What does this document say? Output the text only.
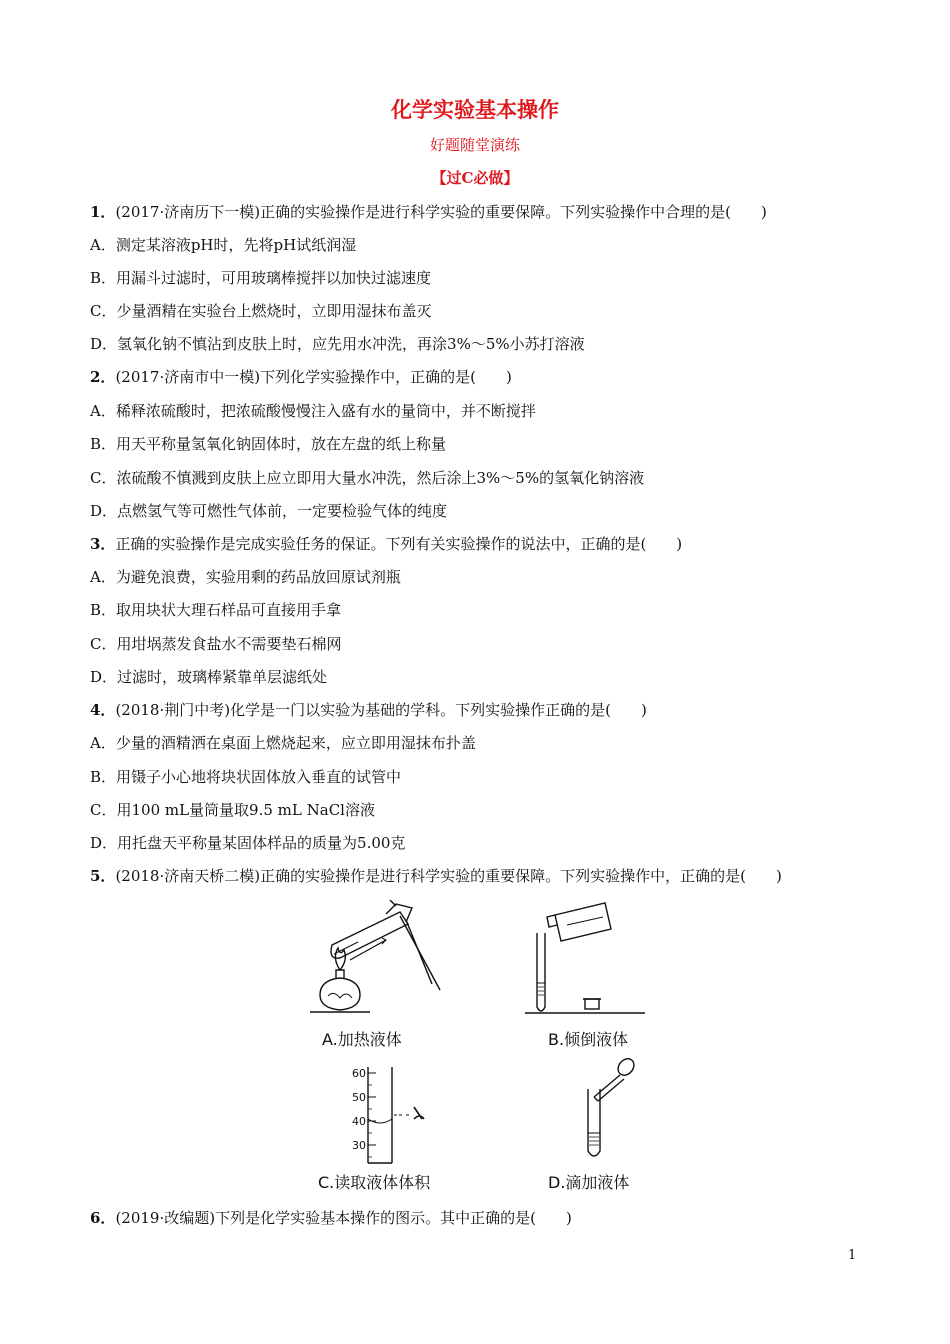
化学实验基本操作
好题随堂演练
【过C必做】
1．(2017·济南历下一模)正确的实验操作是进行科学实验的重要保障。下列实验操作中合理的是(　　)
A．测定某溶液pH时，先将pH试纸润湿
B．用漏斗过滤时，可用玻璃棒搅拌以加快过滤速度
C．少量酒精在实验台上燃烧时，立即用湿抹布盖灭
D．氢氧化钠不慎沾到皮肤上时，应先用水冲洗，再涂3%～5%小苏打溶液
2．(2017·济南市中一模)下列化学实验操作中，正确的是(　　)
A．稀释浓硫酸时，把浓硫酸慢慢注入盛有水的量筒中，并不断搅拌
B．用天平称量氢氧化钠固体时，放在左盘的纸上称量
C．浓硫酸不慎溅到皮肤上应立即用大量水冲洗，然后涂上3%～5%的氢氧化钠溶液
D．点燃氢气等可燃性气体前，一定要检验气体的纯度
3．正确的实验操作是完成实验任务的保证。下列有关实验操作的说法中，正确的是(　　)
A．为避免浪费，实验用剩的药品放回原试剂瓶
B．取用块状大理石样品可直接用手拿
C．用坩埚蒸发食盐水不需要垫石棉网
D．过滤时，玻璃棒紧靠单层滤纸处
4．(2018·荆门中考)化学是一门以实验为基础的学科。下列实验操作正确的是(　　)
A．少量的酒精洒在桌面上燃烧起来，应立即用湿抹布扑盖
B．用镊子小心地将块状固体放入垂直的试管中
C．用100 mL量筒量取9.5 mL NaCl溶液
D．用托盘天平称量某固体样品的质量为5.00克
5．(2018·济南天桥二模)正确的实验操作是进行科学实验的重要保障。下列实验操作中，正确的是(　　)
A.加热液体	B.倾倒液体
60
50
40
30
C.读取液体体积	D.滴加液体
6．(2019·改编题)下列是化学实验基本操作的图示。其中正确的是(　　)
1
